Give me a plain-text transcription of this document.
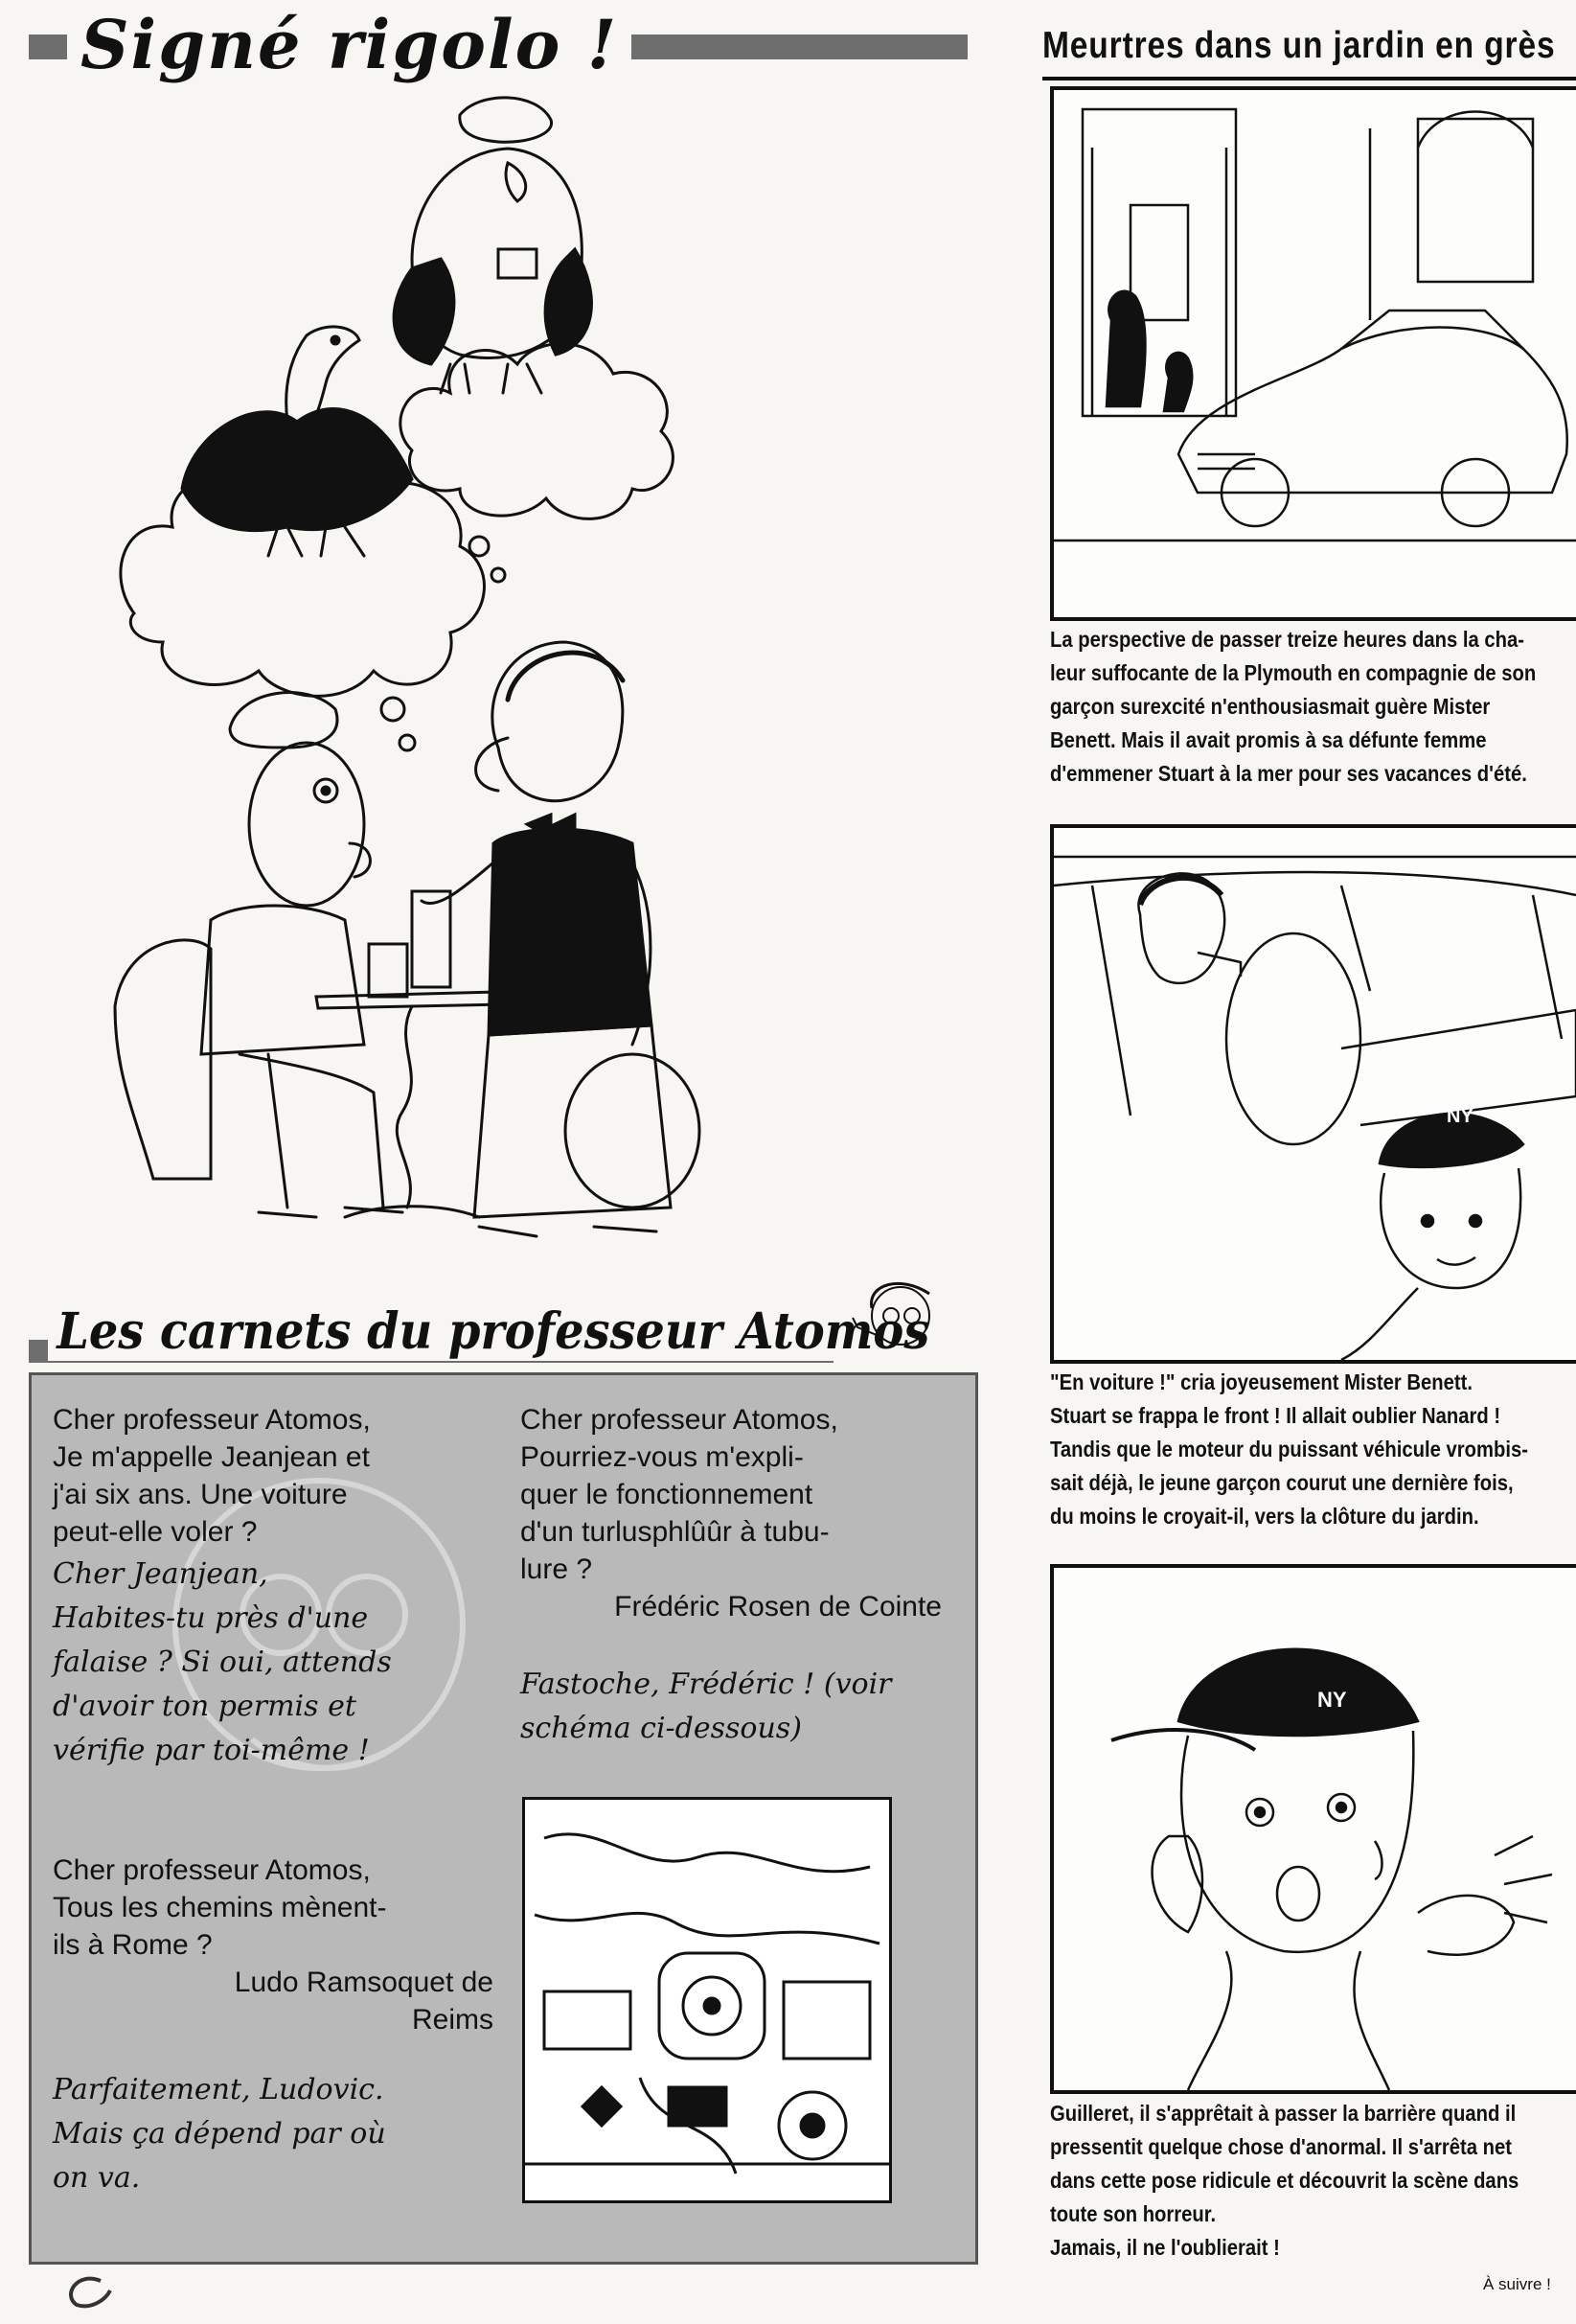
Signé rigolo !	Meurtres dans un jardin en grès

La perspective de passer treize heures dans la cha-

leur suffocante de la Plymouth en compagnie de son

garçon surexcité n'enthousiasmait guère Mister

Benett. Mais il avait promis à sa défunte femme

d'emmener Stuart à la mer pour ses vacances d'été.

NY

"En voiture !" cria joyeusement Mister Benett.

Stuart se frappa le front ! Il allait oublier Nanard !

Tandis que le moteur du puissant véhicule vrombis-

sait déjà, le jeune garçon courut une dernière fois,

du moins le croyait-il, vers la clôture du jardin.

NY

Guilleret, il s'apprêtait à passer la barrière quand il

pressentit quelque chose d'anormal. Il s'arrêta net

dans cette pose ridicule et découvrit la scène dans

toute son horreur.

Jamais, il ne l'oublierait !

À suivre !
Les carnets du professeur Atomos
Cher professeur Atomos,
Je m'appelle Jeanjean et
j'ai six ans. Une voiture
peut-elle voler ?
Cher Jeanjean,
Habites-tu près d'une
falaise ? Si oui, attends
d'avoir ton permis et
vérifie par toi-même !
Cher professeur Atomos,
Tous les chemins mènent-
ils à Rome ?
Ludo Ramsoquet de
Reims
Parfaitement, Ludovic.
Mais ça dépend par où
on va.
Cher professeur Atomos,
Pourriez-vous m'expli-
quer le fonctionnement
d'un turlusphlûûr à tubu-
lure ?
Frédéric Rosen de Cointe
Fastoche, Frédéric ! (voir
schéma ci-dessous)
